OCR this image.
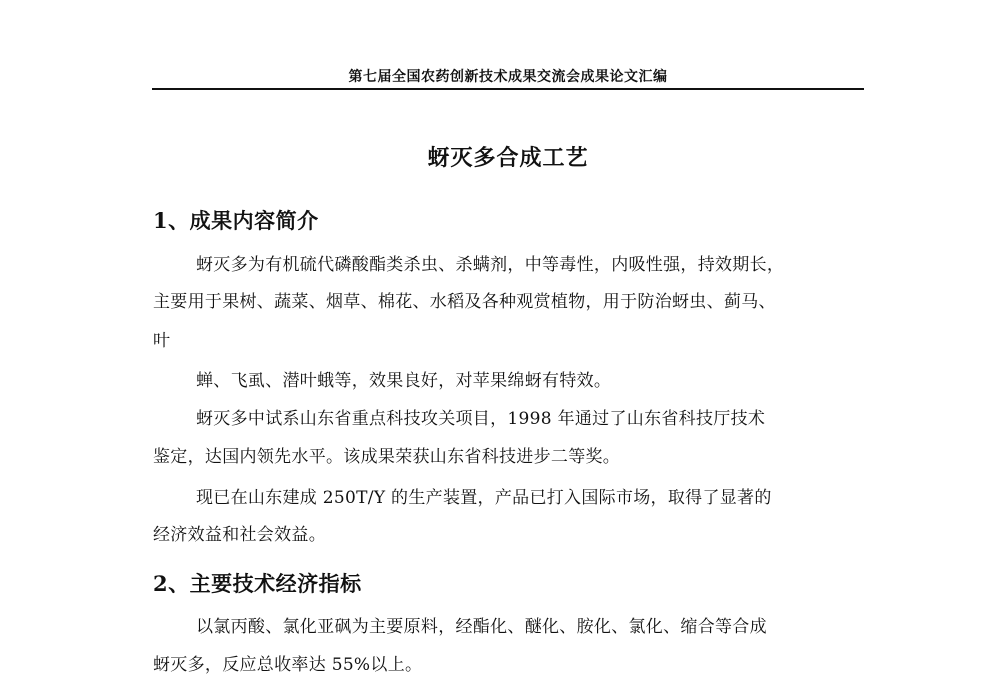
第七届全国农药创新技术成果交流会成果论文汇编
蚜灭多合成工艺
1、成果内容简介
蚜灭多为有机硫代磷酸酯类杀虫、杀螨剂，中等毒性，内吸性强，持效期长，
主要用于果树、蔬菜、烟草、棉花、水稻及各种观赏植物，用于防治蚜虫、蓟马、
叶
蝉、飞虱、潜叶蛾等，效果良好，对苹果绵蚜有特效。
蚜灭多中试系山东省重点科技攻关项目，1998 年通过了山东省科技厅技术
鉴定，达国内领先水平。该成果荣获山东省科技进步二等奖。
现已在山东建成 250T/Y 的生产装置，产品已打入国际市场，取得了显著的
经济效益和社会效益。
2、主要技术经济指标
以氯丙酸、氯化亚砜为主要原料，经酯化、醚化、胺化、氯化、缩合等合成
蚜灭多，反应总收率达 55%以上。
